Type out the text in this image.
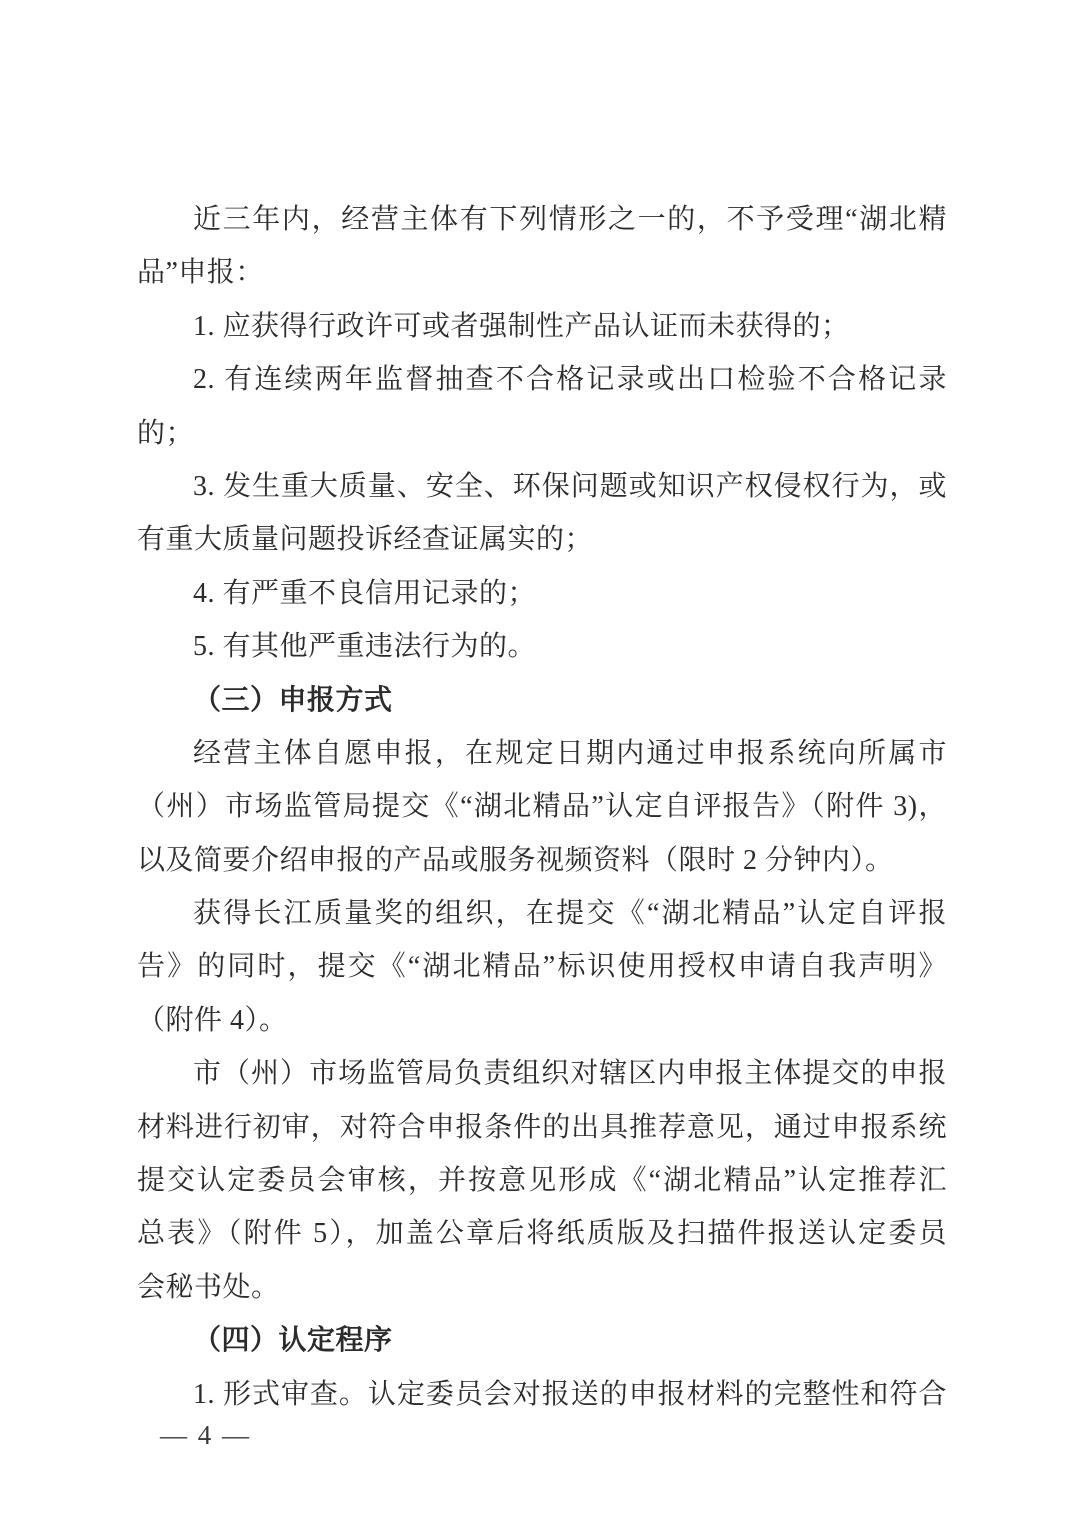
近三年内，经营主体有下列情形之一的，不予受理“湖北精
品”申报：
1. 应获得行政许可或者强制性产品认证而未获得的；
2. 有连续两年监督抽查不合格记录或出口检验不合格记录
的；
3. 发生重大质量、安全、环保问题或知识产权侵权行为，或
有重大质量问题投诉经查证属实的；
4. 有严重不良信用记录的；
5. 有其他严重违法行为的。
（三）申报方式
经营主体自愿申报，在规定日期内通过申报系统向所属市
（州）市场监管局提交《“湖北精品”认定自评报告》（附件 3)，
以及简要介绍申报的产品或服务视频资料（限时 2 分钟内）。
获得长江质量奖的组织，在提交《“湖北精品”认定自评报
告》的同时，提交《“湖北精品”标识使用授权申请自我声明》
（附件 4）。
市（州）市场监管局负责组织对辖区内申报主体提交的申报
材料进行初审，对符合申报条件的出具推荐意见，通过申报系统
提交认定委员会审核，并按意见形成《“湖北精品”认定推荐汇
总表》（附件 5），加盖公章后将纸质版及扫描件报送认定委员
会秘书处。
（四）认定程序
1. 形式审查。认定委员会对报送的申报材料的完整性和符合
— 4 —
